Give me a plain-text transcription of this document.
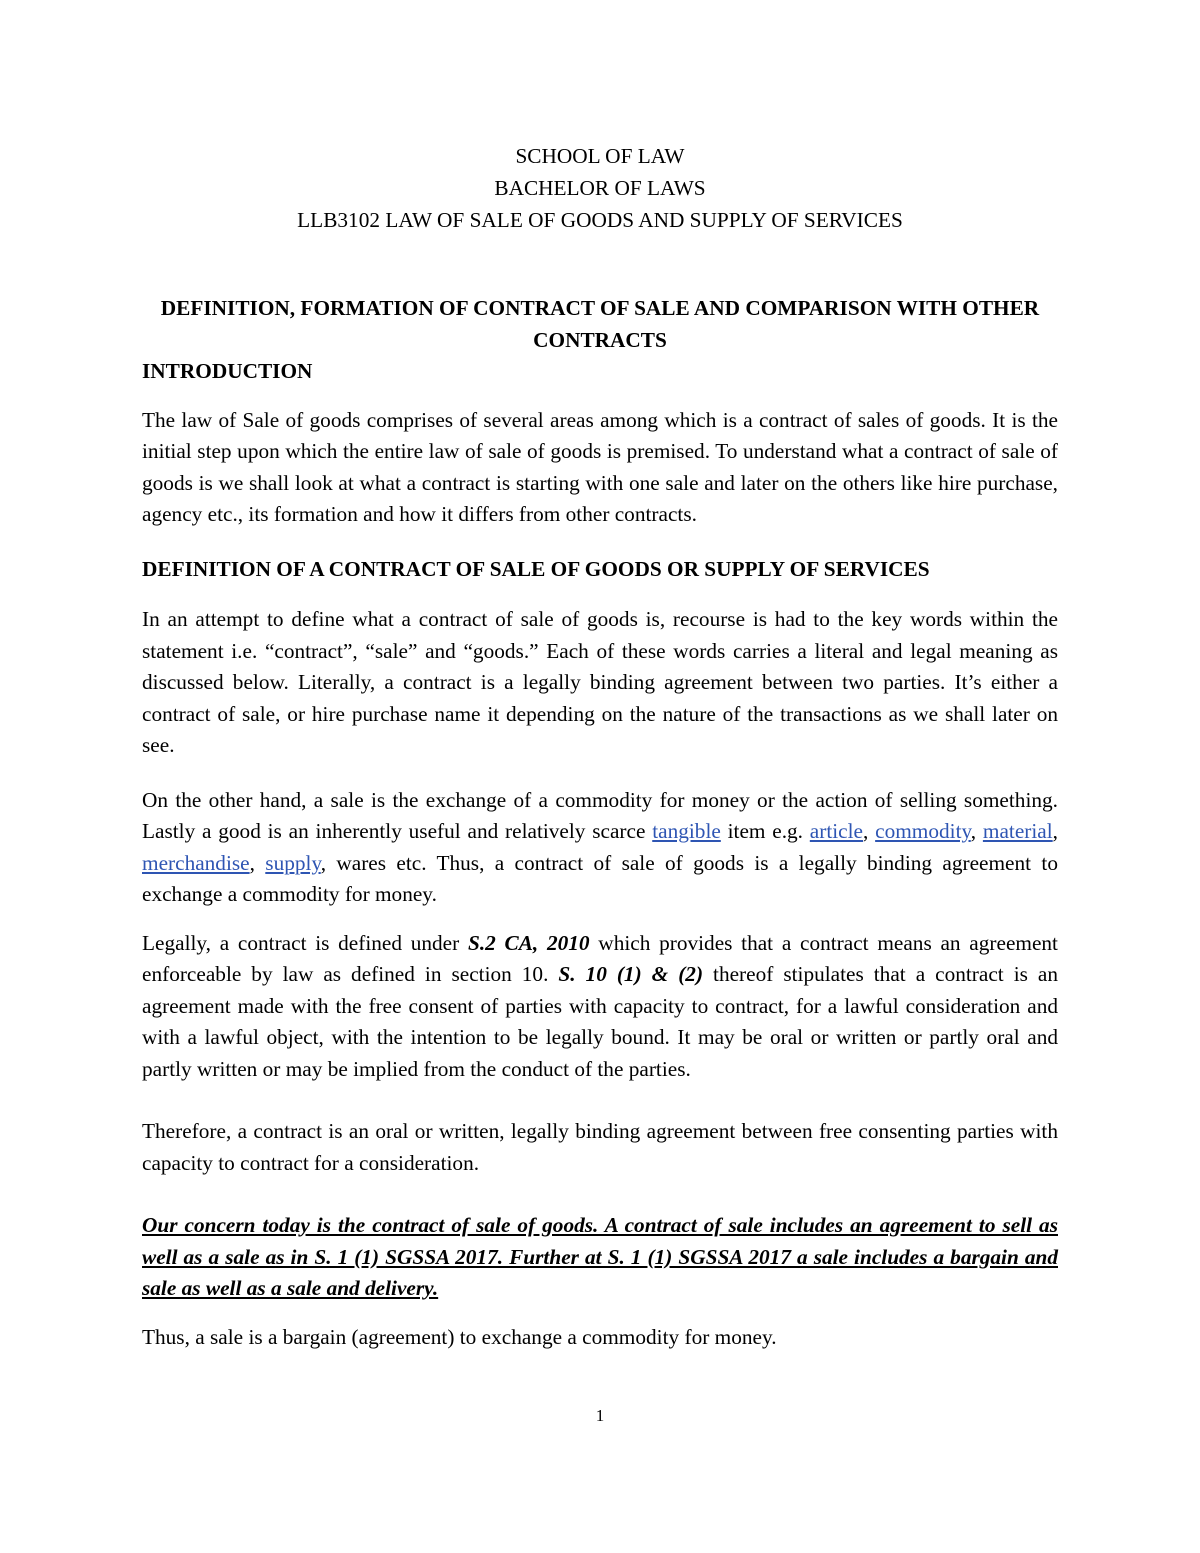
SCHOOL OF LAW
BACHELOR OF LAWS
LLB3102 LAW OF SALE OF GOODS AND SUPPLY OF SERVICES
DEFINITION, FORMATION OF CONTRACT OF SALE AND COMPARISON WITH OTHER CONTRACTS
INTRODUCTION

The law of Sale of goods comprises of several areas among which is a contract of sales of goods. It is the initial step upon which the entire law of sale of goods is premised. To understand what a contract of sale of goods is we shall look at what a contract is starting with one sale and later on the others like hire purchase, agency etc., its formation and how it differs from other contracts.

DEFINITION OF A CONTRACT OF SALE OF GOODS OR SUPPLY OF SERVICES

In an attempt to define what a contract of sale of goods is, recourse is had to the key words within the statement i.e. “contract”, “sale” and “goods.” Each of these words carries a literal and legal meaning as discussed below. Literally, a contract is a legally binding agreement between two parties. It’s either a contract of sale, or hire purchase name it depending on the nature of the transactions as we shall later on see.

On the other hand, a sale is the exchange of a commodity for money or the action of selling something. Lastly a good is an inherently useful and relatively scarce tangible item e.g. article, commodity, material, merchandise, supply, wares etc. Thus, a contract of sale of goods is a legally binding agreement to exchange a commodity for money.

Legally, a contract is defined under S.2 CA, 2010 which provides that a contract means an agreement enforceable by law as defined in section 10. S. 10 (1) & (2) thereof stipulates that a contract is an agreement made with the free consent of parties with capacity to contract, for a lawful consideration and with a lawful object, with the intention to be legally bound. It may be oral or written or partly oral and partly written or may be implied from the conduct of the parties.

Therefore, a contract is an oral or written, legally binding agreement between free consenting parties with capacity to contract for a consideration.

Our concern today is the contract of sale of goods. A contract of sale includes an agreement to sell as well as a sale as in S. 1 (1) SGSSA 2017. Further at S. 1 (1) SGSSA 2017 a sale includes a bargain and sale as well as a sale and delivery.

Thus, a sale is a bargain (agreement) to exchange a commodity for money.

1
